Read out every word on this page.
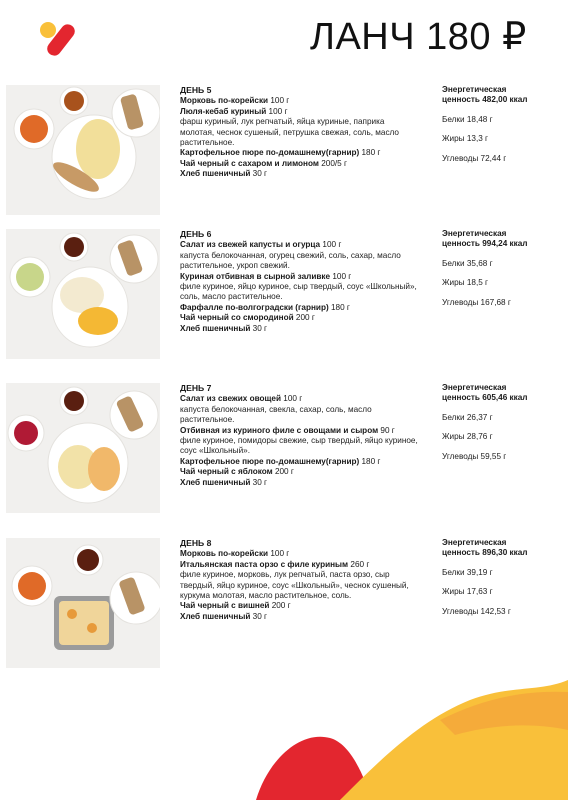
ЛАНЧ 180 ₽
ДЕНЬ 5
Морковь по-корейски 100 г
Люля-кебаб куриный 100 г
фарш куриный, лук репчатый, яйца куриные, паприка молотая, чеснок сушеный, петрушка свежая, соль, масло растительное.
Картофельное пюре по-домашнему(гарнир) 180 г
Чай черный с сахаром и лимоном 200/5 г
Хлеб пшеничный 30 г
Энергетическая
ценность 482,00 ккал
Белки 18,48 г
Жиры 13,3 г
Углеводы 72,44 г
ДЕНЬ 6
Салат из свежей капусты и огурца 100 г
капуста белокочанная, огурец свежий, соль, сахар, масло растительное, укроп свежий.
Куриная отбивная в сырной заливке 100 г
филе куриное, яйцо куриное, сыр твердый, соус «Школьный», соль, масло растительное.
Фарфалле по-волгоградски (гарнир) 180 г
Чай черный со смородиной 200 г
Хлеб пшеничный 30 г
Энергетическая
ценность 994,24 ккал
Белки 35,68 г
Жиры 18,5 г
Углеводы 167,68 г
ДЕНЬ 7
Салат из свежих овощей 100 г
капуста белокочанная, свекла, сахар, соль, масло растительное.
Отбивная из куриного филе с овощами и сыром 90 г
филе куриное, помидоры свежие, сыр твердый, яйцо куриное, соус «Школьный».
Картофельное пюре по-домашнему(гарнир) 180 г
Чай черный с яблоком 200 г
Хлеб пшеничный 30 г
Энергетическая
ценность 605,46 ккал
Белки 26,37 г
Жиры 28,76 г
Углеводы 59,55 г
ДЕНЬ 8
Морковь по-корейски 100 г
Итальянская паста орзо с филе куриным 260 г
филе куриное, морковь, лук репчатый, паста орзо, сыр твердый, яйцо куриное, соус «Школьный», чеснок сушеный, куркума молотая, масло растительное, соль.
Чай черный с вишней 200 г
Хлеб пшеничный 30 г
Энергетическая
ценность 896,30 ккал
Белки 39,19 г
Жиры 17,63 г
Углеводы 142,53 г
